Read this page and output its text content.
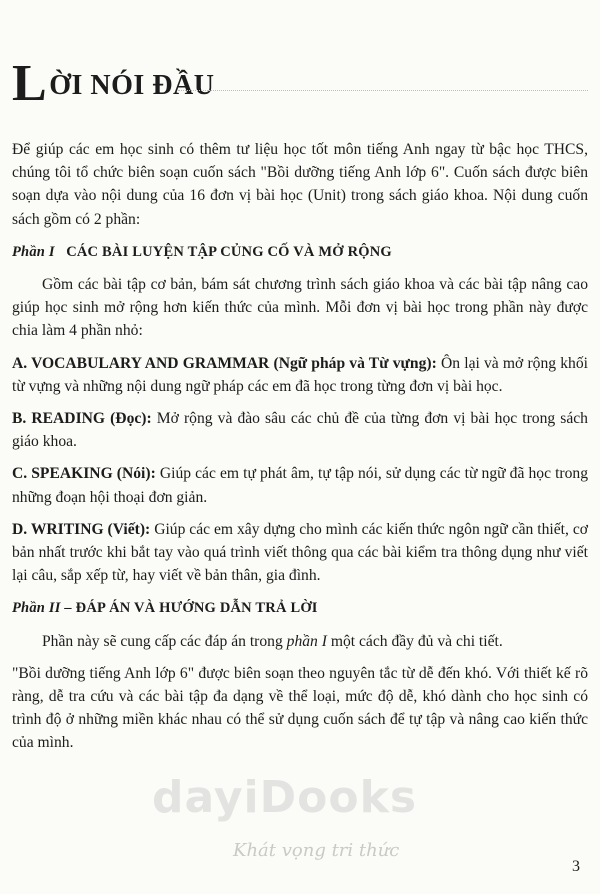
LỜI NÓI ĐẦU

Để giúp các em học sinh có thêm tư liệu học tốt môn tiếng Anh ngay từ bậc học THCS, chúng tôi tổ chức biên soạn cuốn sách "Bồi dưỡng tiếng Anh lớp 6". Cuốn sách được biên soạn dựa vào nội dung của 16 đơn vị bài học (Unit) trong sách giáo khoa. Nội dung cuốn sách gồm có 2 phần:

Phần I CÁC BÀI LUYỆN TẬP CỦNG CỐ VÀ MỞ RỘNG

Gồm các bài tập cơ bản, bám sát chương trình sách giáo khoa và các bài tập nâng cao giúp học sinh mở rộng hơn kiến thức của mình. Mỗi đơn vị bài học trong phần này được chia làm 4 phần nhỏ:

A. VOCABULARY AND GRAMMAR (Ngữ pháp và Từ vựng): Ôn lại và mở rộng khối từ vựng và những nội dung ngữ pháp các em đã học trong từng đơn vị bài học.

B. READING (Đọc): Mở rộng và đào sâu các chủ đề của từng đơn vị bài học trong sách giáo khoa.

C. SPEAKING (Nói): Giúp các em tự phát âm, tự tập nói, sử dụng các từ ngữ đã học trong những đoạn hội thoại đơn giản.

D. WRITING (Viết): Giúp các em xây dựng cho mình các kiến thức ngôn ngữ cần thiết, cơ bản nhất trước khi bắt tay vào quá trình viết thông qua các bài kiểm tra thông dụng như viết lại câu, sắp xếp từ, hay viết về bản thân, gia đình.

Phần II – ĐÁP ÁN VÀ HƯỚNG DẪN TRẢ LỜI

Phần này sẽ cung cấp các đáp án trong phần I một cách đầy đủ và chi tiết.

"Bồi dưỡng tiếng Anh lớp 6" được biên soạn theo nguyên tắc từ dễ đến khó. Với thiết kế rõ ràng, dễ tra cứu và các bài tập đa dạng về thể loại, mức độ dễ, khó dành cho học sinh có trình độ ở những miền khác nhau có thể sử dụng cuốn sách để tự tập và nâng cao kiến thức của mình.

dayiDooks
Khát vọng tri thức
3
